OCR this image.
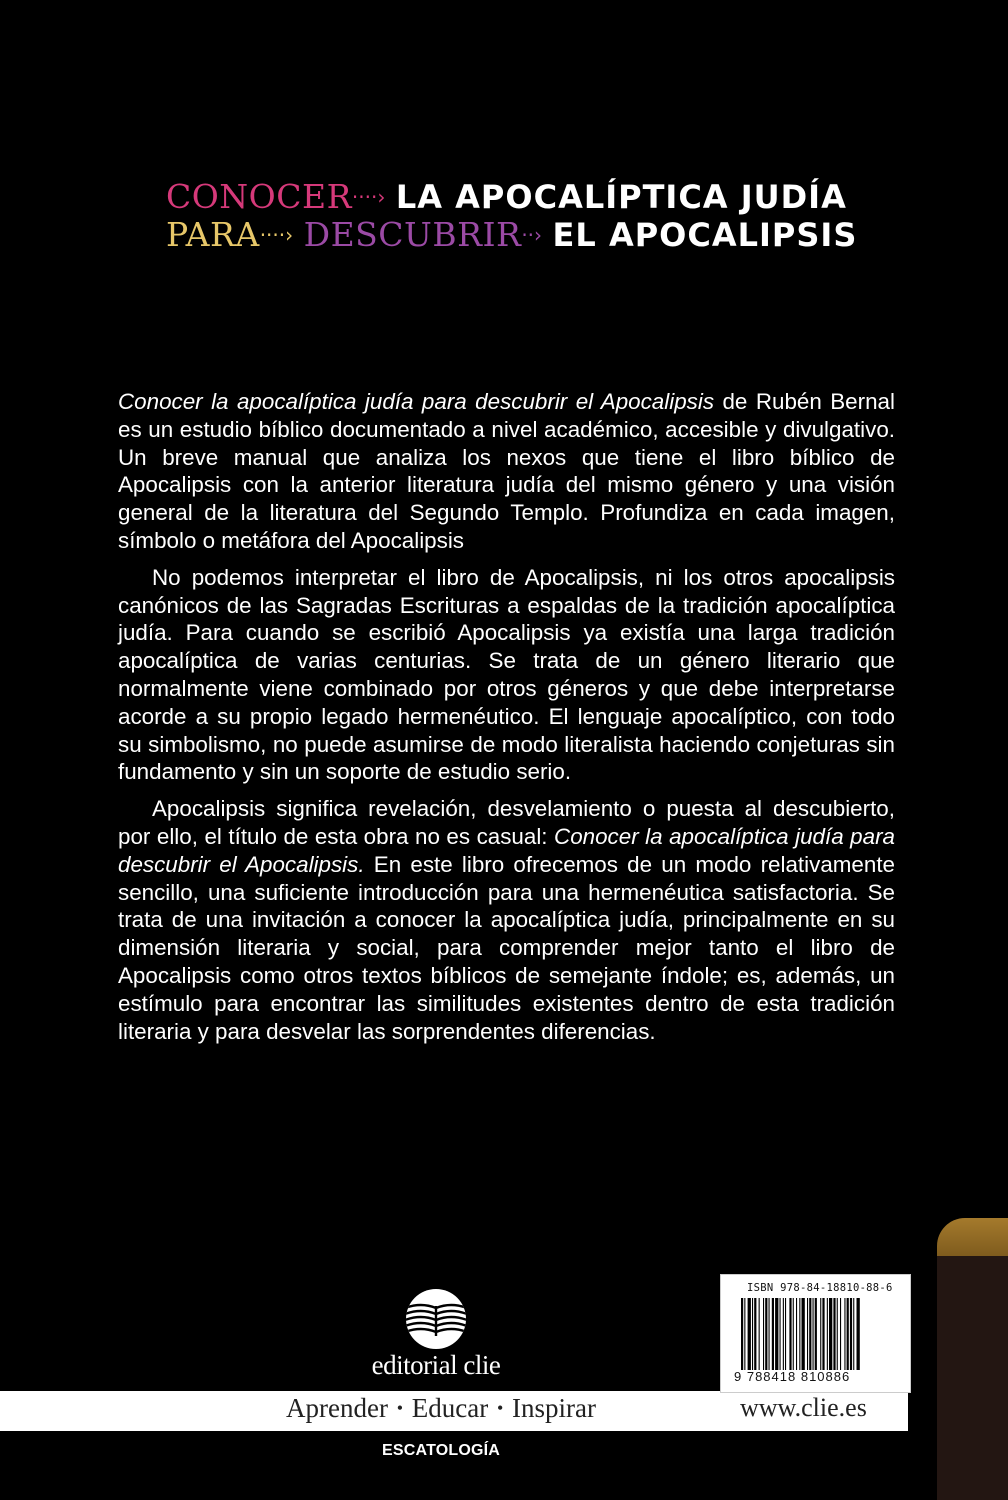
CONOCER····› LA APOCALÍPTICA JUDÍA
PARA····› DESCUBRIR··› EL APOCALIPSIS

Conocer la apocalíptica judía para descubrir el Apocalipsis de Rubén Bernal es un estudio bíblico documentado a nivel académico, accesible y divulgativo. Un breve manual que analiza los nexos que tiene el libro bíblico de Apocalipsis con la anterior literatura judía del mismo género y una visión general de la literatura del Segundo Templo. Profundiza en cada imagen, símbolo o metáfora del Apocalipsis

No podemos interpretar el libro de Apocalipsis, ni los otros apocalipsis canónicos de las Sagradas Escrituras a espaldas de la tradición apocalíptica judía. Para cuando se escribió Apocalipsis ya existía una larga tradición apocalíptica de varias centurias. Se trata de un género literario que normalmente viene combinado por otros géneros y que debe interpretarse acorde a su propio legado hermenéutico. El lenguaje apocalíptico, con todo su simbolismo, no puede asumirse de modo literalista haciendo conjeturas sin fundamento y sin un soporte de estudio serio.

Apocalipsis significa revelación, desvelamiento o puesta al descubierto, por ello, el título de esta obra no es casual: Conocer la apocalíptica judía para descubrir el Apocalipsis. En este libro ofrecemos de un modo relativamente sencillo, una suficiente introducción para una hermenéutica satisfactoria. Se trata de una invitación a conocer la apocalíptica judía, principalmente en su dimensión literaria y social, para comprender mejor tanto el libro de Apocalipsis como otros textos bíblicos de semejante índole; es, además, un estímulo para encontrar las similitudes existentes dentro de esta tradición literaria y para desvelar las sorprendentes diferencias.

editorial clie
Aprender • Educar • Inspirar
ISBN 978-84-18810-88-6
9 788418 810886
www.clie.es
ESCATOLOGÍA
